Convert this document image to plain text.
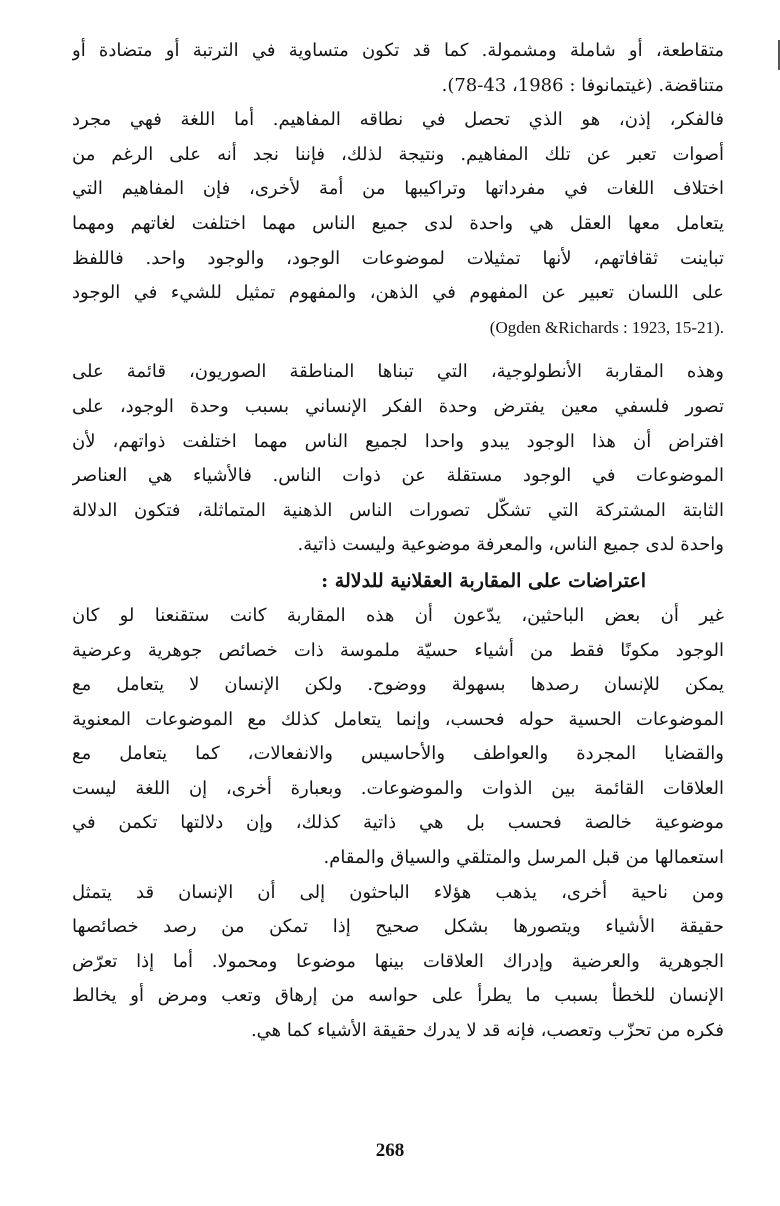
متقاطعة، أو شاملة ومشمولة. كما قد تكون متساوية في الترتبة أو متضادة أو
متناقضة. (غيتمانوفا : 1986، 43-78).
فالفكر، إذن، هو الذي تحصل في نطاقه المفاهيم. أما اللغة فهي مجرد
أصوات تعبر عن تلك المفاهيم. ونتيجة لذلك، فإننا نجد أنه على الرغم من
اختلاف اللغات في مفرداتها وتراكيبها من أمة لأخرى، فإن المفاهيم التي
يتعامل معها العقل هي واحدة لدى جميع الناس مهما اختلفت لغاتهم ومهما
تباينت ثقافاتهم، لأنها تمثيلات لموضوعات الوجود، والوجود واحد. فاللفظ
على اللسان تعبير عن المفهوم في الذهن، والمفهوم تمثيل للشيء في الوجود
.(Ogden &Richards : 1923, 15-21)
وهذه المقاربة الأنطولوجية، التي تبناها المناطقة الصوريون، قائمة على
تصور فلسفي معين يفترض وحدة الفكر الإنساني بسبب وحدة الوجود، على
افتراض أن هذا الوجود يبدو واحدا لجميع الناس مهما اختلفت ذواتهم، لأن
الموضوعات في الوجود مستقلة عن ذوات الناس. فالأشياء هي العناصر
الثابتة المشتركة التي تشكّل تصورات الناس الذهنية المتماثلة، فتكون الدلالة
واحدة لدى جميع الناس، والمعرفة موضوعية وليست ذاتية.
اعتراضات على المقاربة العقلانية للدلالة :
غير أن بعض الباحثين، يدّعون أن هذه المقاربة كانت ستقنعنا لو كان
الوجود مكونًا فقط من أشياء حسيّة ملموسة ذات خصائص جوهرية وعرضية
يمكن للإنسان رصدها بسهولة ووضوح. ولكن الإنسان لا يتعامل مع
الموضوعات الحسية حوله فحسب، وإنما يتعامل كذلك مع الموضوعات المعنوية
والقضايا المجردة والعواطف والأحاسيس والانفعالات، كما يتعامل مع
العلاقات القائمة بين الذوات والموضوعات. وبعبارة أخرى، إن اللغة ليست
موضوعية خالصة فحسب بل هي ذاتية كذلك، وإن دلالتها تكمن في
استعمالها من قبل المرسل والمتلقي والسياق والمقام.
ومن ناحية أخرى، يذهب هؤلاء الباحثون إلى أن الإنسان قد يتمثل
حقيقة الأشياء ويتصورها بشكل صحيح إذا تمكن من رصد خصائصها
الجوهرية والعرضية وإدراك العلاقات بينها موضوعا ومحمولا. أما إذا تعرّض
الإنسان للخطأ بسبب ما يطرأ على حواسه من إرهاق وتعب ومرض أو يخالط
فكره من تحزّب وتعصب، فإنه قد لا يدرك حقيقة الأشياء كما هي.
268
